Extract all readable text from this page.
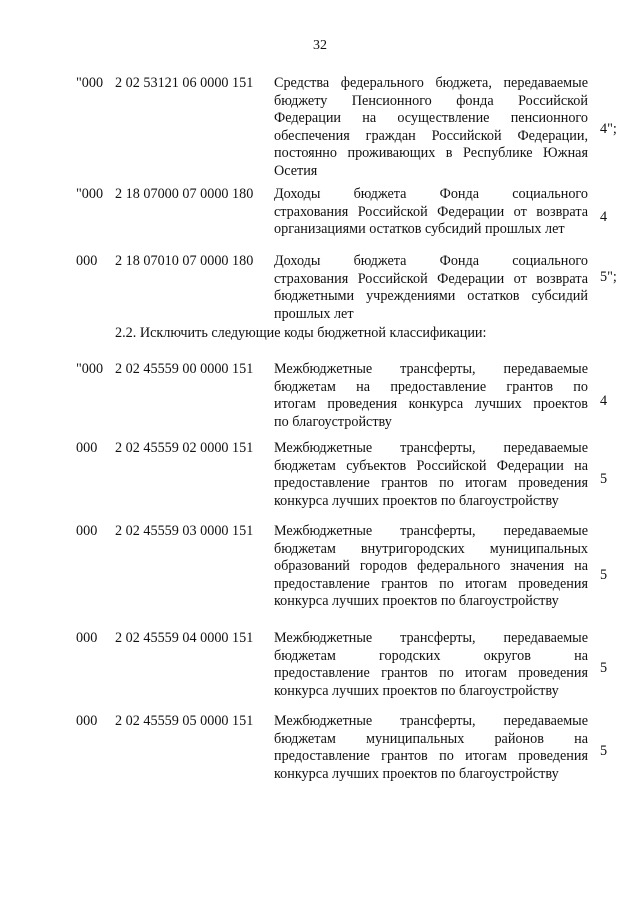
32
"000 2 02 53121 06 0000 151 Средства федерального бюджета, передаваемые
бюджету Пенсионного фонда Российской
Федерации на осуществление пенсионного
обеспечения граждан Российской Федерации,
постоянно проживающих в Республике Южная
Осетия
4";
"000 2 18 07000 07 0000 180 Доходы бюджета Фонда социального
страхования Российской Федерации от возврата
организациями остатков субсидий прошлых лет
4
000	2 18 07010 07 0000 180 Доходы бюджета Фонда социального
страхования Российской Федерации от возврата
бюджетными учреждениями остатков субсидий
прошлых лет
5";
"000 2 02 45559 00 0000 151 Межбюджетные трансферты, передаваемые
бюджетам на предоставление грантов по
итогам проведения конкурса лучших проектов
по благоустройству
4
000	2 02 45559 02 0000 151 Межбюджетные трансферты, передаваемые
бюджетам субъектов Российской Федерации на
предоставление грантов по итогам проведения
конкурса лучших проектов по благоустройству
5
000	2 02 45559 03 0000 151 Межбюджетные трансферты, передаваемые
бюджетам внутригородских муниципальных
образований городов федерального значения на
предоставление грантов по итогам проведения
конкурса лучших проектов по благоустройству
5
000	2 02 45559 04 0000 151 Межбюджетные трансферты, передаваемые
бюджетам городских округов на
предоставление грантов по итогам проведения
конкурса лучших проектов по благоустройству
5
000	2 02 45559 05 0000 151 Межбюджетные трансферты, передаваемые
бюджетам муниципальных районов на
предоставление грантов по итогам проведения
конкурса лучших проектов по благоустройству
5
2.2. Исключить следующие коды бюджетной классификации:
